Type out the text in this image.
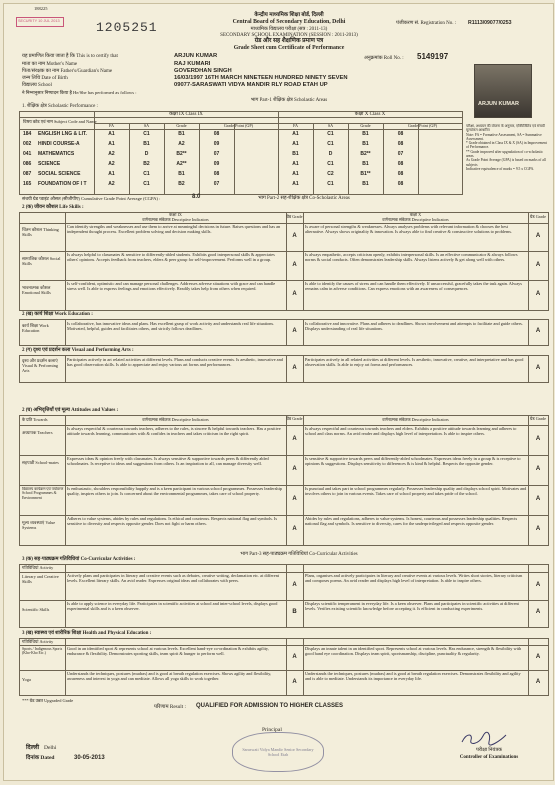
188225
SECURITY 10 JUL 2013	1205251
केन्द्रीय माध्यमिक शिक्षा बोर्ड, दिल्ली
Central Board of Secondary Education, Delhi
माध्यमिक विद्यालय परीक्षा (सत्र : 2011-13)
SECONDARY SCHOOL EXAMINATION (SESSION : 2011-2013)
ग्रेड और सह शैक्षणिक प्रमाण पत्र
Grade Sheet cum Certificate of Performance
पंजीकरण सं. Registration No. : R1113/09077/0253
अनुक्रमांक Roll No. : 5149197
यह प्रमाणित किया जाता है कि This is to certify that
माता का नाम Mother's Name
पिता/संरक्षक का नाम Father's/Guardian's Name
जन्म तिथि Date of Birth
विद्यालय School
ने निम्नानुसार निष्पादन किया है He/She has performed as follows :
ARJUN KUMAR
RAJ KUMARI
GOVERDHAN SINGH
16/03/1997 16TH MARCH NINETEEN HUNDRED NINETY SEVEN
09077-SARASWATI VIDYA MANDIR RLY ROAD ETAH UP
ARJUN KUMAR
भाग Part-1 शैक्षिक क्षेत्र Scholastic Areas
1. शैक्षिक क्षेत्र Scholastic Performance :
विषय कोड एवं नाम Subject Code and Name
कक्षा IX Class IX	कक्षा X Class X
FA	SA	Grade	Grade Point (GP)	FA	SA	Grade	Grade Point (GP)
184 ENGLISH LNG & LIT.	A1	C1	B1	08	A1	C1	B1	08
002 HINDI COURSE-A	A1	B1	A2	09	A1	C1	B1	08
041 MATHEMATICS	A2	D	B2**	07	B1	D	B2**	07
086 SCIENCE	A2	B2	A2**	09	A1	C1	B1	08
087 SOCIAL SCIENCE	A1	C1	B1	08	A1	C2	B1**	08
165 FOUNDATION OF I T	A2	C1	B2	07	A1	C1	B1	08
परीक्षा, अध्ययन की योजना के अनुसार, एक्विजिटिव एवं संचयी मूल्यांकन आधारित
Note: FA = Formative Assessment, SA = Summative Assessment.
* Grade obtained in Class IX & X (SA) in Improvement of Performance.
** Grade improved after upgradation of co-scholastic areas.
As Grade Point Average (GPA) is based on marks of all subjects
Indicative equivalence of marks = 9.5 x CGPA.
संचयी ग्रेड प्वाइंट औसत (सीजीपीए) Cumulative Grade Point Average (CGPA) :	8.0	भाग Part-2 सह-शैक्षिक क्षेत्र Co-Scholastic Areas
2 (क) जीवन कौशल Life Skills :
कक्षा IX
वर्णनात्मक संकेतक Descriptive Indicators
ग्रेड Grade	कक्षा X
वर्णनात्मक संकेतक Descriptive Indicators
ग्रेड Grade
चिंतन कौशल Thinking Skills
Can identify strengths and weaknesses and use them to arrive at meaningful decisions in future. Raises questions and has an independent thought process. Excellent problem solving and decision making skills.
A
Is aware of personal strengths & weaknesses. Always analyses problems with relevant information & chooses the best alternative. Always shows originality & innovation. Is always able to find creative & constructive solutions to problems.
A
सामाजिक कौशल Social Skills
Is always helpful to classmates & sensitive to differently-abled students. Exhibits good interpersonal skills & appreciates others' opinions. Accepts feedback from teachers, elders & peer group for self-improvement. Performs well in a group.
A
Is always empathetic, accepts criticism openly, exhibits interpersonal skills. Is an effective communicator & always follows norms & social conducts. Often demonstrates leadership skills. Always listens actively & get along well with others.
A
भावनात्मक कौशल Emotional Skills
Is self-confident, optimistic and can manage personal challenges. Addresses adverse situations with grace and can handle stress well. Is able to express feelings and emotions effectively. Readily takes help from others when required.
A
Is able to identify the causes of stress and can handle them effectively. If unsuccessful, gracefully takes the task again. Always remains calm in adverse conditions. Can express emotions with an awareness of consequences.
A
2 (ख) कार्य शिक्षा Work Education :
कार्य शिक्षा Work Education
Is collaborative, has innovative ideas and plans. Has excellent grasp of work activity and understands real life situations. Motivated, helpful, guides and facilitates others, and strictly follows deadlines.	A
Is collaborative and innovative. Plans and adheres to deadlines. Shows involvement and attempts to facilitate and guide others. Displays understanding of real life situations.	A
2 (ग) दृश्य एवं प्रदर्शन कला Visual and Performing Arts :
दृश्य और प्रदर्शन कलाएं Visual & Performing Arts
Participates actively in art related activities at different levels. Plans and conducts creative events. Is aesthetic, innovative and has good observation skills. Is able to appreciate and enjoy various art forms and performances.
A
Participates actively in all related activities at different levels. Is aesthetic, innovative, creative, and interpretative and has good observation skills. Is able to enjoy art forms and performances.
A
2 (घ) अभिवृत्तियाँ एवं मूल्य Attitudes and Values :
के प्रति Towards	वर्णनात्मक संकेतक Descriptive Indicators	ग्रेड Grade	वर्णनात्मक संकेतक Descriptive Indicators	ग्रेड Grade
अध्यापक Teachers
Is always respectful & courteous towards teachers, adheres to the rules, is sincere & helpful towards teachers. Has a positive attitude towards learning, communicates with & confides in teachers and takes criticism in the right spirit.
A
Is always respectful and courteous towards teachers and elders. Exhibits a positive attitude towards learning and adheres to school and class norms. An avid reader and displays high level of interpretation. Is able to inspire others.
A
सहपाठी School-mates
Expresses ideas & opinion freely with classmates. Is always sensitive & supportive towards peers & differently abled schoolmates. Is receptive to ideas and suggestions from others. Is an inspiration to all, can manage diversity well.
A
Is sensitive & supportive towards peers and differently-abled schoolmates. Expresses ideas freely in a group & is receptive to opinions & suggestions. Displays sensitivity to differences & is kind & helpful. Respects the opposite gender.
A
विद्यालय कार्यक्रम एवं पर्यावरण School Programmes & Environment
Is enthusiastic, shoulders responsibility happily and is a keen participant in various school programmes. Possesses leadership quality, inspires others to join. Is concerned about the environmental programmes, takes care of school property.
A
Is punctual and takes part in school programmes regularly. Possesses leadership quality and displays school spirit. Motivates and involves others to join in various events. Takes care of school property and takes pride of the school.
A
मूल्य व्यवस्थाएं Value Systems
Adheres to value systems, abides by rules and regulations. Is ethical and courteous. Respects national flag and symbols. Is sensitive to diversity and respects opposite gender. Does not fight or harm others.
A
Abides by rules and regulations, adheres to value systems. Is honest, courteous and possesses leadership qualities. Respects national flag and symbols. Is sensitive to diversity, cares for the underprivileged and respects opposite gender.
A
भाग Part-3 सह-पाठ्यक्रम गतिविधियां Co-Curricular Activities
3 (क) सह-पाठ्यक्रम गतिविधियां Co-Curricular Activities :
गतिविधियां Activity
Literary and Creative Skills
Actively plans and participates in literary and creative events such as debates, creative writing, declamation etc. at different levels. Excellent literary skills. An avid reader. Expresses original ideas and collaborates with peers.
A
Plans, organises and actively participates in literary and creative events at various levels. Writes short stories, literary criticism and composes poems. An avid reader and displays high level of interpretation. Is able to inspire others.
A
Scientific Skills
Is able to apply science in everyday life. Participates in scientific activities at school and inter-school levels, displays good experimental skills and is a keen observer.
B
Displays scientific temperament in everyday life. Is a keen observer. Plans and participates in scientific activities at different levels. Verifies existing scientific knowledge before accepting it. Is efficient in conducting experiments.
A
3 (ख) स्वास्थ्य एवं शारीरिक शिक्षा Health and Physical Education :
गतिविधियां Activity
Sports / Indigenous Sports (Kho-Kho Etc.)
Good in an identified sport & represents school at various levels. Excellent hand-eye co-ordination & exhibits agility, endurance & flexibility. Demonstrates sporting skills, team spirit & hunger to perform well.
A
Displays an innate talent in an identified sport. Represents school at various levels. Has endurance, strength & flexibility with good hand eye coordination. Displays team spirit, sportsmanship, discipline, punctuality & regularity.
A
Yoga
Understands the techniques, postures (mudras) and is good at breath regulation exercises. Shows agility and flexibility, awareness and interest in yoga and can meditate. Allows all yoga skills to work together.
A
Understands the techniques, postures (mudras) and is good at breath regulation exercises. Demonstrates flexibility and agility and is able to meditate. Understands its importance in everyday life.
A
*** ग्रेड उन्नत Upgraded Grade
परिणाम Result : QUALIFIED FOR ADMISSION TO HIGHER CLASSES
दिल्ली Delhi
दिनांक Dated	30-05-2013
Saraswati Vidya Mandir Senior Secondary School Etah
Principal
परीक्षा नियंत्रक
Controller of Examinations
